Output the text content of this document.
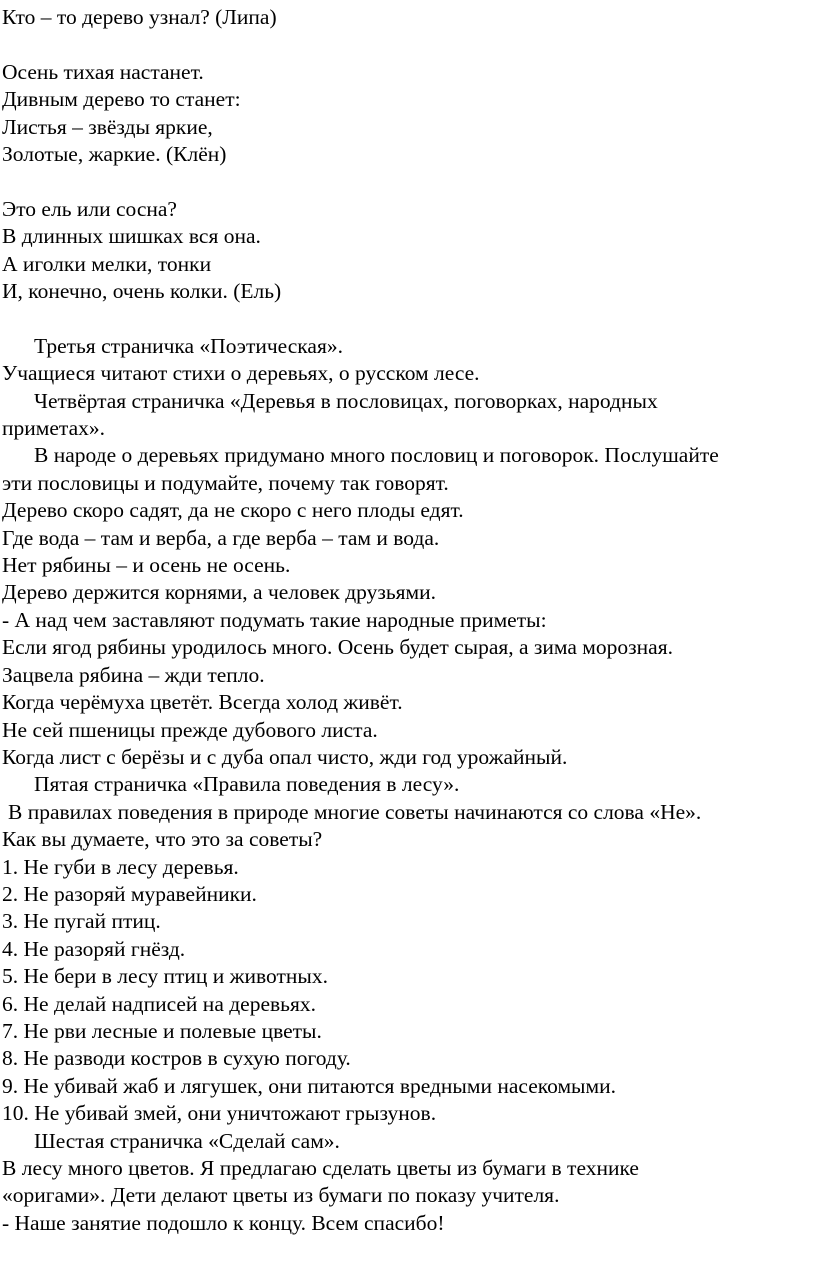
Кто – то дерево узнал? (Липа)
Осень тихая настанет.
Дивным дерево то станет:
Листья – звёзды яркие,
Золотые, жаркие. (Клён)
Это ель или сосна?
В длинных шишках вся она.
А иголки мелки, тонки
И, конечно, очень колки. (Ель)
Третья страничка «Поэтическая».
Учащиеся читают стихи о деревьях, о русском лесе.
Четвёртая страничка «Деревья в пословицах, поговорках, народных
приметах».
В народе о деревьях придумано много пословиц и поговорок. Послушайте
эти пословицы и подумайте, почему так говорят.
Дерево скоро садят, да не скоро с него плоды едят.
Где вода – там и верба, а где верба – там и вода.
Нет рябины – и осень не осень.
Дерево держится корнями, а человек друзьями.
- А над чем заставляют подумать такие народные приметы:
Если ягод рябины уродилось много. Осень будет сырая, а зима морозная.
Зацвела рябина – жди тепло.
Когда черёмуха цветёт. Всегда холод живёт.
Не сей пшеницы прежде дубового листа.
Когда лист с берёзы и с дуба опал чисто, жди год урожайный.
Пятая страничка «Правила поведения в лесу».
В правилах поведения в природе многие советы начинаются со слова «Не».
Как вы думаете, что это за советы?
1. Не губи в лесу деревья.
2. Не разоряй муравейники.
3. Не пугай птиц.
4. Не разоряй гнёзд.
5. Не бери в лесу птиц и животных.
6. Не делай надписей на деревьях.
7. Не рви лесные и полевые цветы.
8. Не разводи костров в сухую погоду.
9. Не убивай жаб и лягушек, они питаются вредными насекомыми.
10. Не убивай змей, они уничтожают грызунов.
Шестая страничка «Сделай сам».
В лесу много цветов. Я предлагаю сделать цветы из бумаги в технике
«оригами». Дети делают цветы из бумаги по показу учителя.
- Наше занятие подошло к концу. Всем спасибо!
